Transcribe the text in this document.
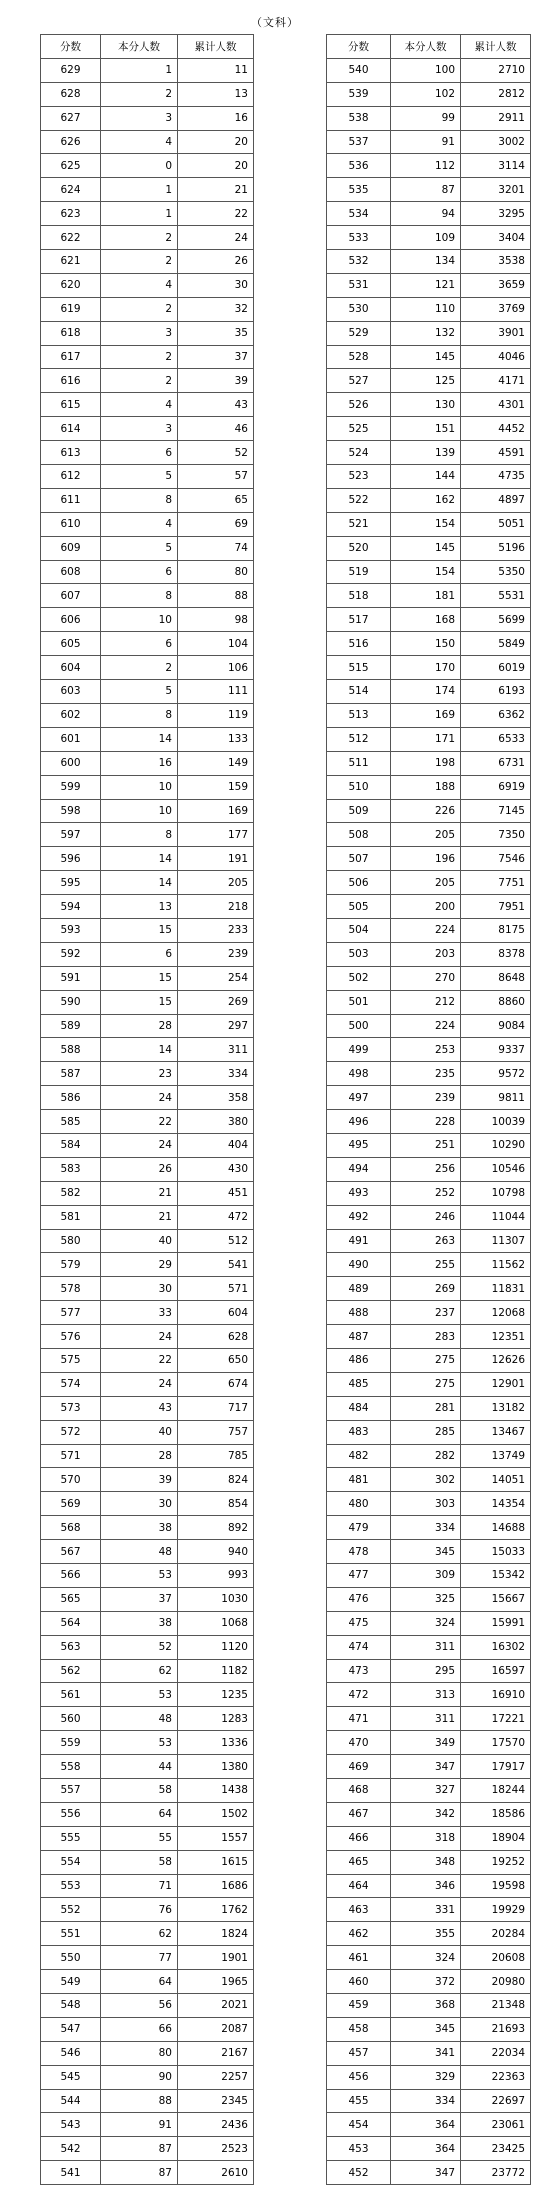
（文科）
分数	本分人数	累计人数
629	1	11
628	2	13
627	3	16
626	4	20
625	0	20
624	1	21
623	1	22
622	2	24
621	2	26
620	4	30
619	2	32
618	3	35
617	2	37
616	2	39
615	4	43
614	3	46
613	6	52
612	5	57
611	8	65
610	4	69
609	5	74
608	6	80
607	8	88
606	10	98
605	6	104
604	2	106
603	5	111
602	8	119
601	14	133
600	16	149
599	10	159
598	10	169
597	8	177
596	14	191
595	14	205
594	13	218
593	15	233
592	6	239
591	15	254
590	15	269
589	28	297
588	14	311
587	23	334
586	24	358
585	22	380
584	24	404
583	26	430
582	21	451
581	21	472
580	40	512
579	29	541
578	30	571
577	33	604
576	24	628
575	22	650
574	24	674
573	43	717
572	40	757
571	28	785
570	39	824
569	30	854
568	38	892
567	48	940
566	53	993
565	37	1030
564	38	1068
563	52	1120
562	62	1182
561	53	1235
560	48	1283
559	53	1336
558	44	1380
557	58	1438
556	64	1502
555	55	1557
554	58	1615
553	71	1686
552	76	1762
551	62	1824
550	77	1901
549	64	1965
548	56	2021
547	66	2087
546	80	2167
545	90	2257
544	88	2345
543	91	2436
542	87	2523
541	87	2610
分数	本分人数	累计人数
540	100	2710
539	102	2812
538	99	2911
537	91	3002
536	112	3114
535	87	3201
534	94	3295
533	109	3404
532	134	3538
531	121	3659
530	110	3769
529	132	3901
528	145	4046
527	125	4171
526	130	4301
525	151	4452
524	139	4591
523	144	4735
522	162	4897
521	154	5051
520	145	5196
519	154	5350
518	181	5531
517	168	5699
516	150	5849
515	170	6019
514	174	6193
513	169	6362
512	171	6533
511	198	6731
510	188	6919
509	226	7145
508	205	7350
507	196	7546
506	205	7751
505	200	7951
504	224	8175
503	203	8378
502	270	8648
501	212	8860
500	224	9084
499	253	9337
498	235	9572
497	239	9811
496	228	10039
495	251	10290
494	256	10546
493	252	10798
492	246	11044
491	263	11307
490	255	11562
489	269	11831
488	237	12068
487	283	12351
486	275	12626
485	275	12901
484	281	13182
483	285	13467
482	282	13749
481	302	14051
480	303	14354
479	334	14688
478	345	15033
477	309	15342
476	325	15667
475	324	15991
474	311	16302
473	295	16597
472	313	16910
471	311	17221
470	349	17570
469	347	17917
468	327	18244
467	342	18586
466	318	18904
465	348	19252
464	346	19598
463	331	19929
462	355	20284
461	324	20608
460	372	20980
459	368	21348
458	345	21693
457	341	22034
456	329	22363
455	334	22697
454	364	23061
453	364	23425
452	347	23772
